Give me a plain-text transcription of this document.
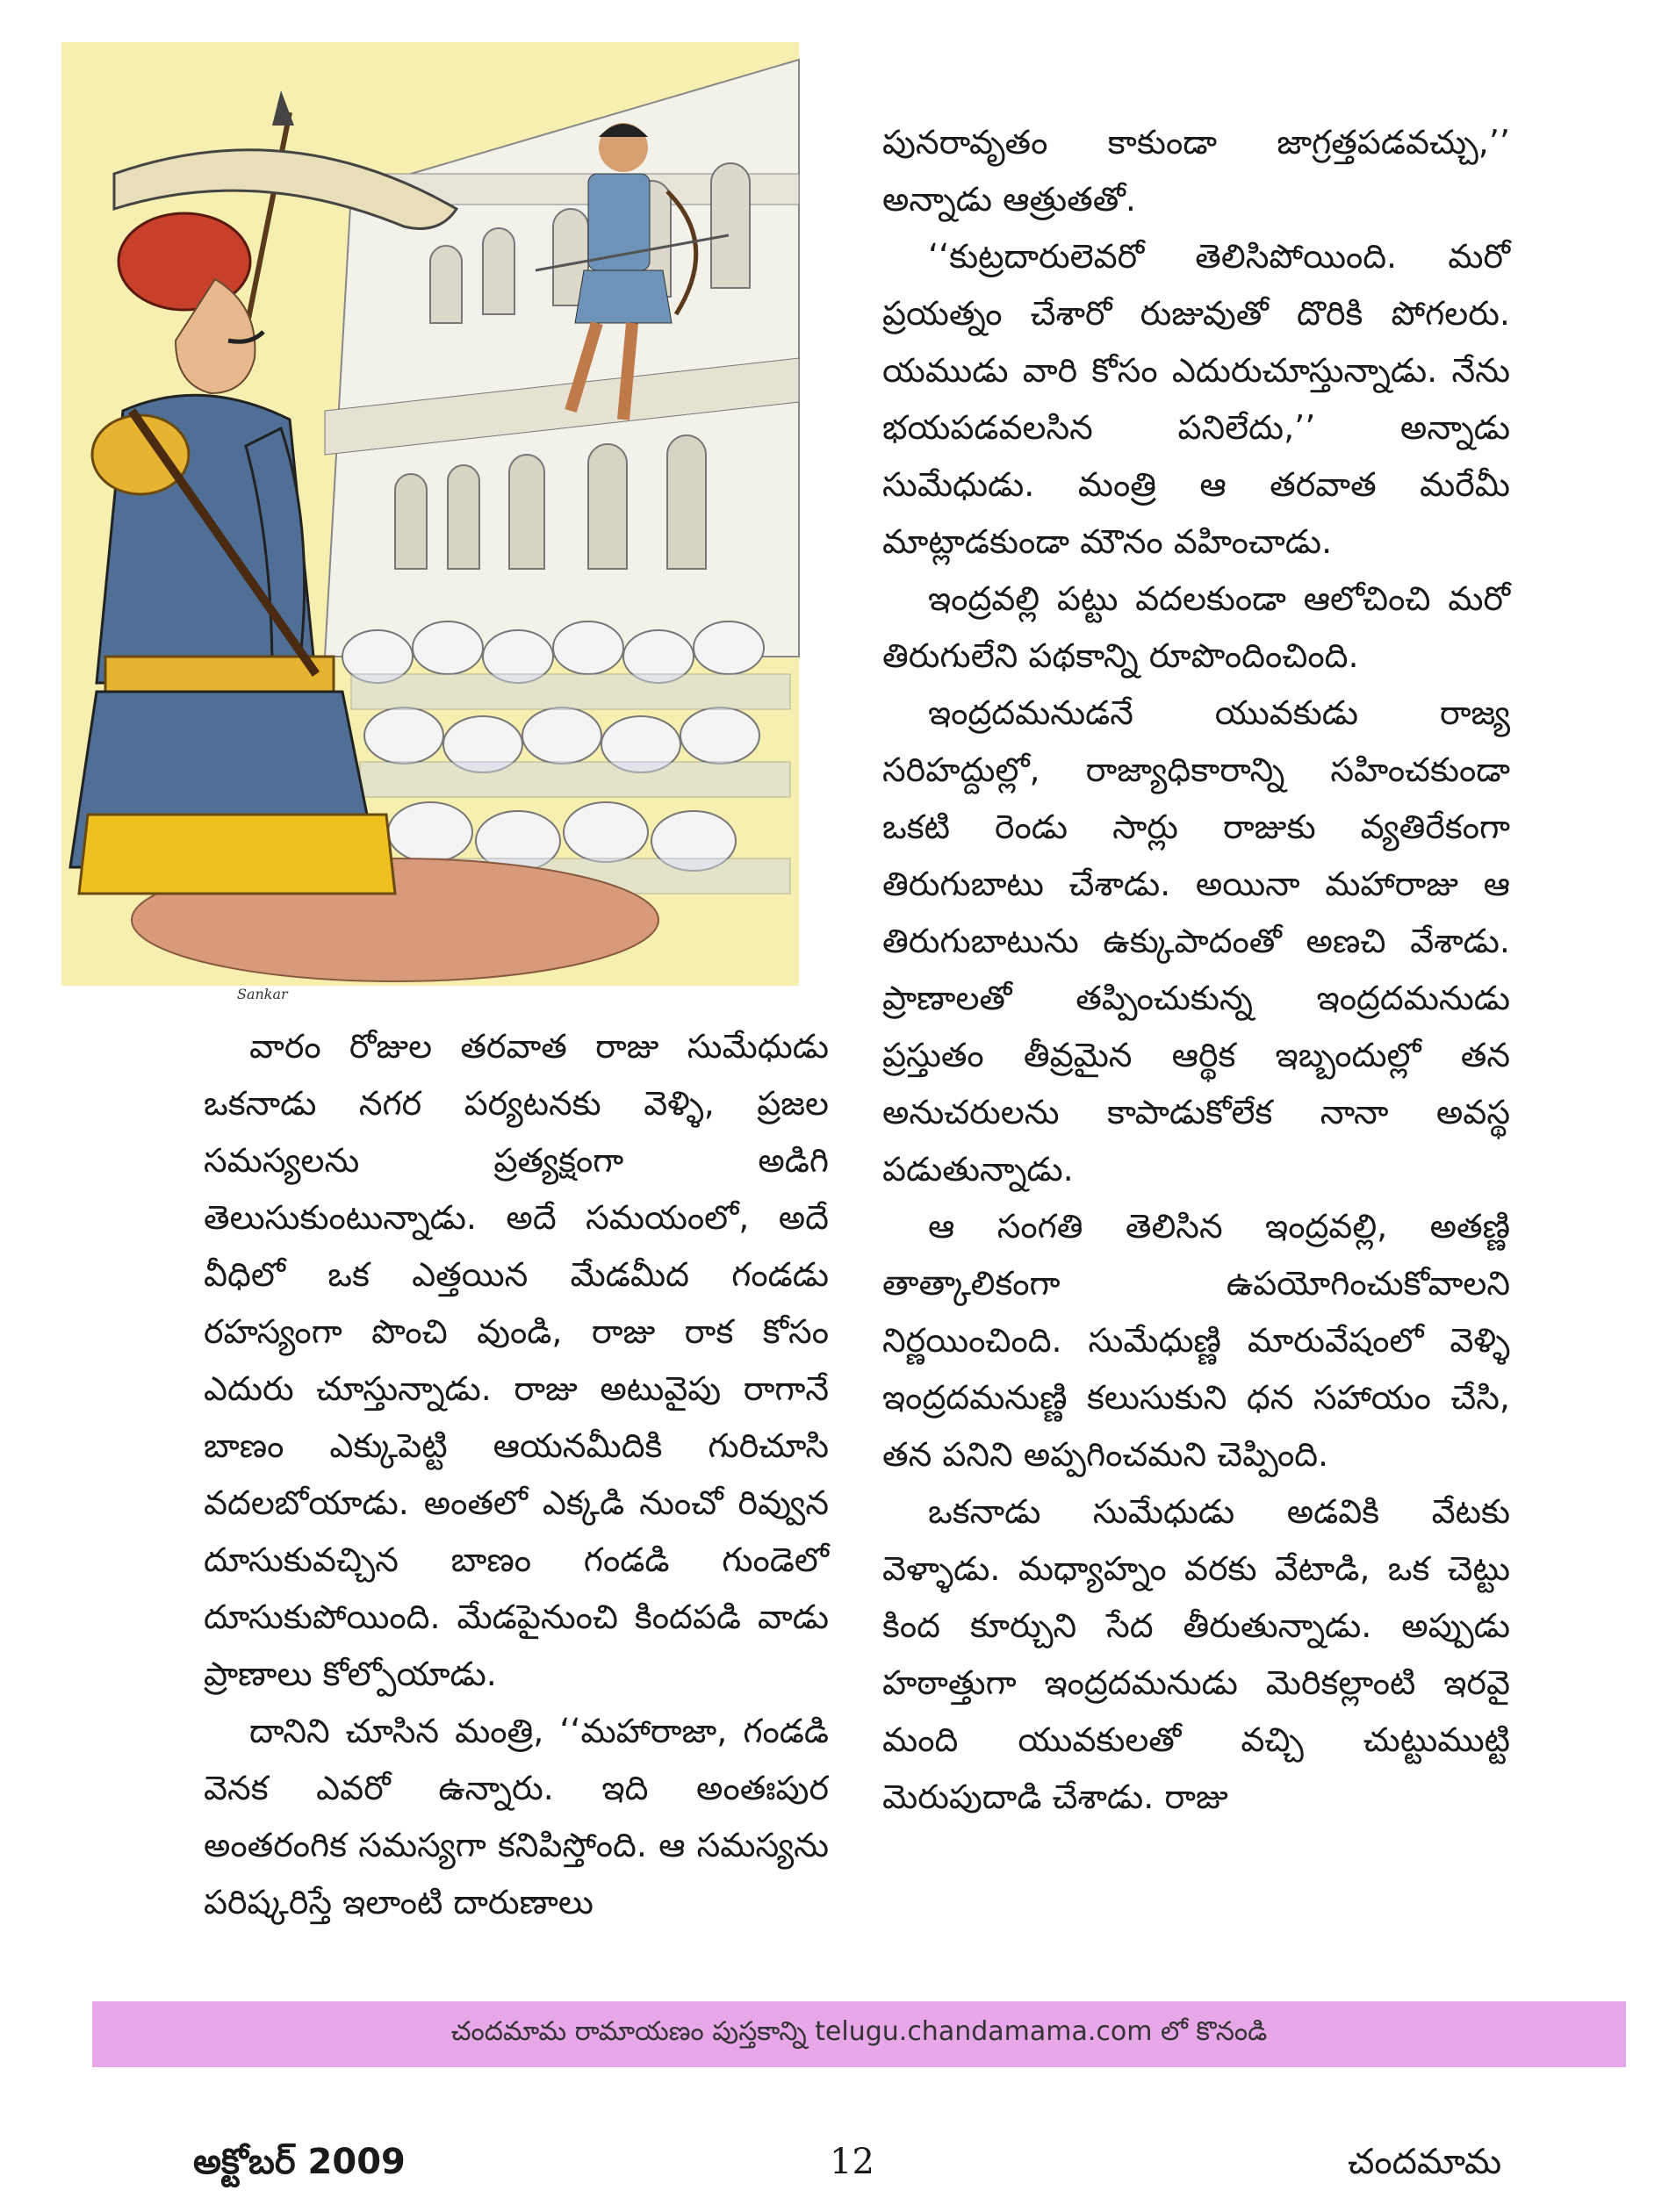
Sankar

వారం రోజుల తరవాత రాజు సుమేధుడు ఒకనాడు నగర పర్యటనకు వెళ్ళి, ప్రజల సమస్యలను ప్రత్యక్షంగా అడిగి తెలుసుకుంటున్నాడు. అదే సమయంలో, అదే వీధిలో ఒక ఎత్తయిన మేడమీద గండడు రహస్యంగా పొంచి వుండి, రాజు రాక కోసం ఎదురు చూస్తున్నాడు. రాజు అటువైపు రాగానే బాణం ఎక్కుపెట్టి ఆయనమీదికి గురిచూసి వదలబోయాడు. అంతలో ఎక్కడి నుంచో రివ్వున దూసుకువచ్చిన బాణం గండడి గుండెలో దూసుకుపోయింది. మేడపైనుంచి కిందపడి వాడు ప్రాణాలు కోల్పోయాడు.

దానిని చూసిన మంత్రి, ‘‘మహారాజా, గండడి వెనక ఎవరో ఉన్నారు. ఇది అంతఃపుర అంతరంగిక సమస్యగా కనిపిస్తోంది. ఆ సమస్యను పరిష్కరిస్తే ఇలాంటి దారుణాలు

పునరావృతం కాకుండా జాగ్రత్తపడవచ్చు,’’ అన్నాడు ఆత్రుతతో.

‘‘కుట్రదారులెవరో తెలిసిపోయింది. మరో ప్రయత్నం చేశారో రుజువుతో దొరికి పోగలరు. యముడు వారి కోసం ఎదురుచూస్తున్నాడు. నేను భయపడవలసిన పనిలేదు,’’ అన్నాడు సుమేధుడు. మంత్రి ఆ తరవాత మరేమీ మాట్లాడకుండా మౌనం వహించాడు.

ఇంద్రవల్లి పట్టు వదలకుండా ఆలోచించి మరో తిరుగులేని పథకాన్ని రూపొందించింది.

ఇంద్రదమనుడనే యువకుడు రాజ్య సరిహద్దుల్లో, రాజ్యాధికారాన్ని సహించకుండా ఒకటి రెండు సార్లు రాజుకు వ్యతిరేకంగా తిరుగుబాటు చేశాడు. అయినా మహారాజు ఆ తిరుగుబాటును ఉక్కుపాదంతో అణచి వేశాడు. ప్రాణాలతో తప్పించుకున్న ఇంద్రదమనుడు ప్రస్తుతం తీవ్రమైన ఆర్థిక ఇబ్బందుల్లో తన అనుచరులను కాపాడుకోలేక నానా అవస్థ పడుతున్నాడు.

ఆ సంగతి తెలిసిన ఇంద్రవల్లి, అతణ్ణి తాత్కాలికంగా ఉపయోగించుకోవాలని నిర్ణయించింది. సుమేధుణ్ణి మారువేషంలో వెళ్ళి ఇంద్రదమనుణ్ణి కలుసుకుని ధన సహాయం చేసి, తన పనిని అప్పగించమని చెప్పింది.

ఒకనాడు సుమేధుడు అడవికి వేటకు వెళ్ళాడు. మధ్యాహ్నం వరకు వేటాడి, ఒక చెట్టు కింద కూర్చుని సేద తీరుతున్నాడు. అప్పుడు హఠాత్తుగా ఇంద్రదమనుడు మెరికల్లాంటి ఇరవై మంది యువకులతో వచ్చి చుట్టుముట్టి మెరుపుదాడి చేశాడు. రాజు

చందమామ రామాయణం పుస్తకాన్ని telugu.chandamama.com లో కొనండి
అక్టోబర్ 2009	12	చందమామ
